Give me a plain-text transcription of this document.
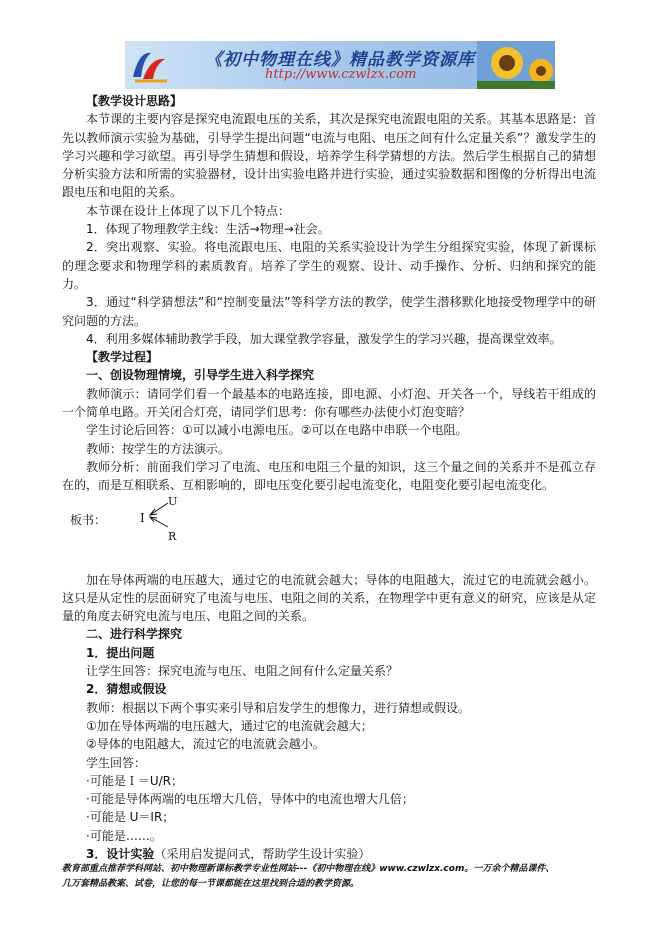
《初中物理在线》精品教学资源库
http://www.czwlzx.com

【教学设计思路】

本节课的主要内容是探究电流跟电压的关系，其次是探究电流跟电阻的关系。其基本思路是：首先以教师演示实验为基础，引导学生提出问题“电流与电阻、电压之间有什么定量关系”？激发学生的学习兴趣和学习欲望。再引导学生猜想和假设，培养学生科学猜想的方法。然后学生根据自己的猜想分析实验方法和所需的实验器材，设计出实验电路并进行实验，通过实验数据和图像的分析得出电流跟电压和电阻的关系。

本节课在设计上体现了以下几个特点：

1．体现了物理教学主线：生活→物理→社会。

2．突出观察、实验。将电流跟电压、电阻的关系实验设计为学生分组探究实验，体现了新课标的理念要求和物理学科的素质教育。培养了学生的观察、设计、动手操作、分析、归纳和探究的能力。

3．通过“科学猜想法”和“控制变量法”等科学方法的教学，使学生潜移默化地接受物理学中的研究问题的方法。

4．利用多媒体辅助教学手段，加大课堂教学容量，激发学生的学习兴趣，提高课堂效率。

【教学过程】

一、创设物理情境，引导学生进入科学探究

教师演示：请同学们看一个最基本的电路连接，即电源、小灯泡、开关各一个，导线若干组成的一个简单电路。开关闭合灯亮，请同学们思考：你有哪些办法使小灯泡变暗？

学生讨论后回答：①可以减小电源电压。②可以在电路中串联一个电阻。

教师：按学生的方法演示。

教师分析：前面我们学习了电流、电压和电阻三个量的知识，这三个量之间的关系并不是孤立存在的，而是互相联系、互相影响的，即电压变化要引起电流变化，电阻变化要引起电流变化。

板书：	I
U
R

加在导体两端的电压越大，通过它的电流就会越大；导体的电阻越大，流过它的电流就会越小。这只是从定性的层面研究了电流与电压、电阻之间的关系，在物理学中更有意义的研究，应该是从定量的角度去研究电流与电压、电阻之间的关系。

二、进行科学探究

1．提出问题

让学生回答：探究电流与电压、电阻之间有什么定量关系？

2．猜想或假设

教师：根据以下两个事实来引导和启发学生的想像力，进行猜想或假设。

①加在导体两端的电压越大，通过它的电流就会越大；

②导体的电阻越大，流过它的电流就会越小。

学生回答：

·可能是Ｉ＝U/R；

·可能是导体两端的电压增大几倍，导体中的电流也增大几倍；

·可能是 U＝IR；

·可能是……。

3．设计实验（采用启发提问式，帮助学生设计实验）

教育部重点推荐学科网站、初中物理新课标教学专业性网站---《初中物理在线》www.czwlzx.com。一万余个精品课件、
几万套精品教案、试卷，让您的每一节课都能在这里找到合适的教学资源。
